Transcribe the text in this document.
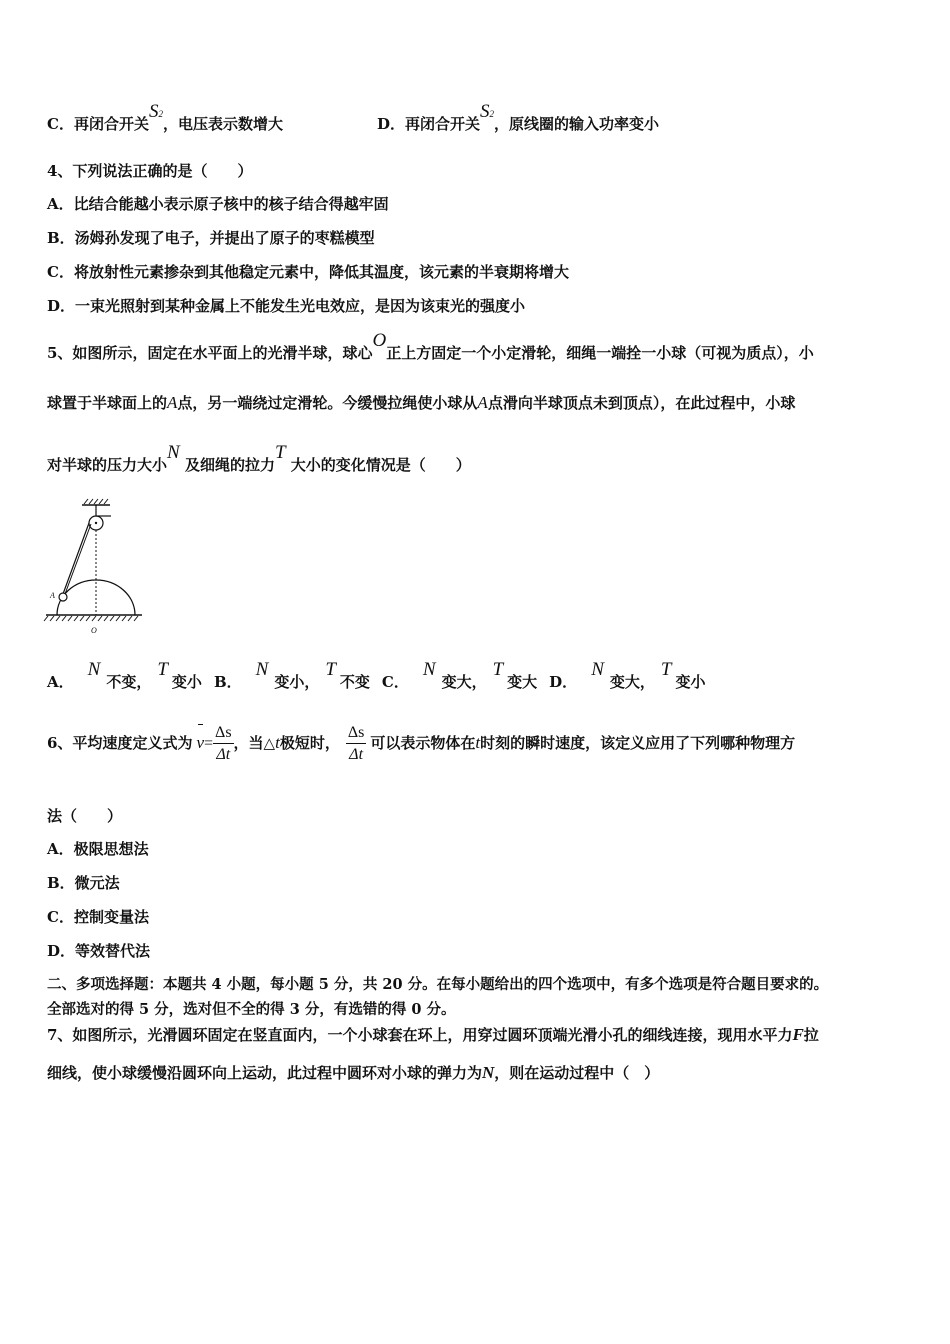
C．再闭合开关S2，电压表示数增大	D．再闭合开关S2，原线圈的输入功率变小
4、下列说法正确的是（　　）
A．比结合能越小表示原子核中的核子结合得越牢固
B．汤姆孙发现了电子，并提出了原子的枣糕模型
C．将放射性元素掺杂到其他稳定元素中，降低其温度，该元素的半衰期将增大
D．一束光照射到某种金属上不能发生光电效应，是因为该束光的强度小
5、如图所示，固定在水平面上的光滑半球，球心O正上方固定一个小定滑轮，细绳一端拴一小球（可视为质点），小
球置于半球面上的A点，另一端绕过定滑轮。今缓慢拉绳使小球从A点滑向半球顶点未到顶点），在此过程中，小球
对半球的压力大小N 及细绳的拉力T 大小的变化情况是（　　）
A
O
A．N不变，T变小 B．N变小，T不变 C．N变大，T变大 D．N变大，T变小
6、平均速度定义式为 $v= \frac{\Delta s}{\Delta t}$ ，当△t极短时， $\frac{\Delta s}{\Delta t}$ 可以表示物体在t时刻的瞬时速度，该定义应用了下列哪种物理方
法（　　）
A．极限思想法
B．微元法
C．控制变量法
D．等效替代法
二、多项选择题：本题共 4 小题，每小题 5 分，共 20 分。在每小题给出的四个选项中，有多个选项是符合题目要求的。
全部选对的得 5 分，选对但不全的得 3 分，有选错的得 0 分。
7、如图所示，光滑圆环固定在竖直面内，一个小球套在环上，用穿过圆环顶端光滑小孔的细线连接，现用水平力F拉
细线，使小球缓慢沿圆环向上运动，此过程中圆环对小球的弹力为N，则在运动过程中（　）
